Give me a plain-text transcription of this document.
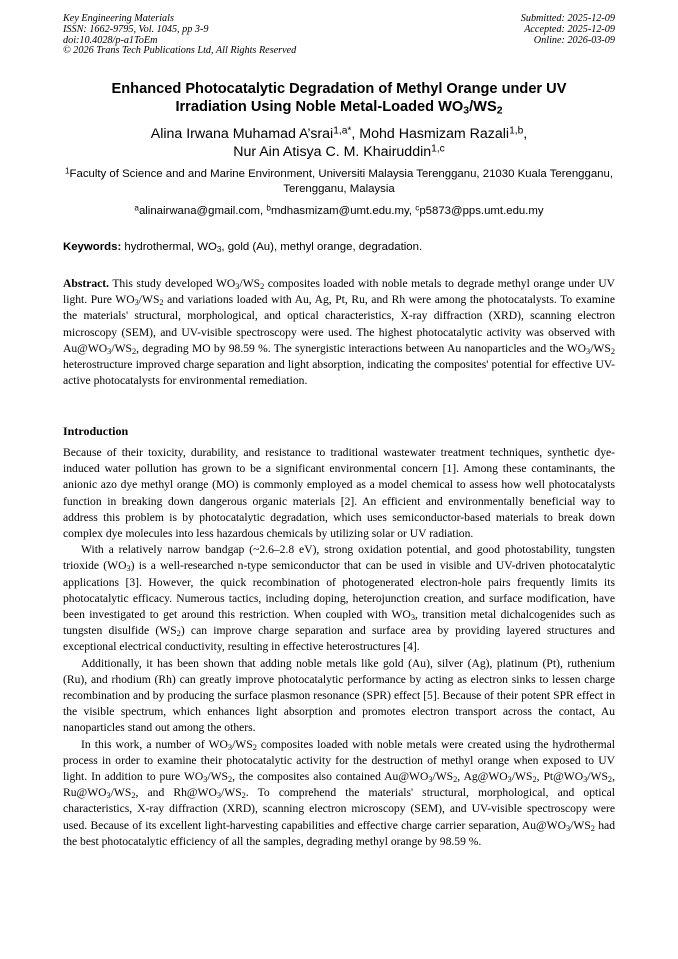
Key Engineering Materials
ISSN: 1662-9795, Vol. 1045, pp 3-9
doi:10.4028/p-a1ToEm
© 2026 Trans Tech Publications Ltd, All Rights Reserved
Submitted: 2025-12-09
Accepted: 2025-12-09
Online: 2026-03-09
Enhanced Photocatalytic Degradation of Methyl Orange under UV
Irradiation Using Noble Metal-Loaded $WO_3/WS_2$
Alina Irwana Muhamad A’srai$^{1,a*}$, Mohd Hasmizam Razali$^{1,b}$,
Nur Ain Atisya C. M. Khairuddin$^{1,c}$
$^1$Faculty of Science and and Marine Environment, Universiti Malaysia Terengganu, 21030 Kuala Terengganu, Terengganu, Malaysia
$^a$alinairwana@gmail.com, $^b$mdhasmizam@umt.edu.my, $^c$p5873@pps.umt.edu.my
Keywords: hydrothermal, $WO_3$, gold (Au), methyl orange, degradation.
Abstract. This study developed $WO_3/WS_2$ composites loaded with noble metals to degrade methyl orange under UV light. Pure $WO_3/WS_2$ and variations loaded with Au, Ag, Pt, Ru, and Rh were among the photocatalysts. To examine the materials' structural, morphological, and optical characteristics, X-ray diffraction (XRD), scanning electron microscopy (SEM), and UV-visible spectroscopy were used. The highest photocatalytic activity was observed with $Au@WO_3/WS_2$, degrading MO by 98.59 %. The synergistic interactions between Au nanoparticles and the $WO_3/WS_2$ heterostructure improved charge separation and light absorption, indicating the composites' potential for effective UV-active photocatalysts for environmental remediation.
Introduction

Because of their toxicity, durability, and resistance to traditional wastewater treatment techniques, synthetic dye-induced water pollution has grown to be a significant environmental concern [1]. Among these contaminants, the anionic azo dye methyl orange (MO) is commonly employed as a model chemical to assess how well photocatalysts function in breaking down dangerous organic materials [2]. An efficient and environmentally beneficial way to address this problem is by photocatalytic degradation, which uses semiconductor-based materials to break down complex dye molecules into less hazardous chemicals by utilizing solar or UV radiation.

With a relatively narrow bandgap (~2.6–2.8 eV), strong oxidation potential, and good photostability, tungsten trioxide $(WO_3)$ is a well-researched n-type semiconductor that can be used in visible and UV-driven photocatalytic applications [3]. However, the quick recombination of photogenerated electron-hole pairs frequently limits its photocatalytic efficacy. Numerous tactics, including doping, heterojunction creation, and surface modification, have been investigated to get around this restriction. When coupled with $WO_3$, transition metal dichalcogenides such as tungsten disulfide $(WS_2)$ can improve charge separation and surface area by providing layered structures and exceptional electrical conductivity, resulting in effective heterostructures [4].

Additionally, it has been shown that adding noble metals like gold (Au), silver (Ag), platinum (Pt), ruthenium (Ru), and rhodium (Rh) can greatly improve photocatalytic performance by acting as electron sinks to lessen charge recombination and by producing the surface plasmon resonance (SPR) effect [5]. Because of their potent SPR effect in the visible spectrum, which enhances light absorption and promotes electron transport across the contact, Au nanoparticles stand out among the others.

In this work, a number of $WO_3/WS_2$ composites loaded with noble metals were created using the hydrothermal process in order to examine their photocatalytic activity for the destruction of methyl orange when exposed to UV light. In addition to pure $WO_3/WS_2$, the composites also contained $Au@WO_3/WS_2$, $Ag@WO_3/WS_2$, $Pt@WO_3/WS_2$, $Ru@WO_3/WS_2$, and $Rh@WO_3/WS_2$. To comprehend the materials' structural, morphological, and optical characteristics, X-ray diffraction (XRD), scanning electron microscopy (SEM), and UV-visible spectroscopy were used. Because of its excellent light-harvesting capabilities and effective charge carrier separation, $Au@WO_3/WS_2$ had the best photocatalytic efficiency of all the samples, degrading methyl orange by 98.59 %.
